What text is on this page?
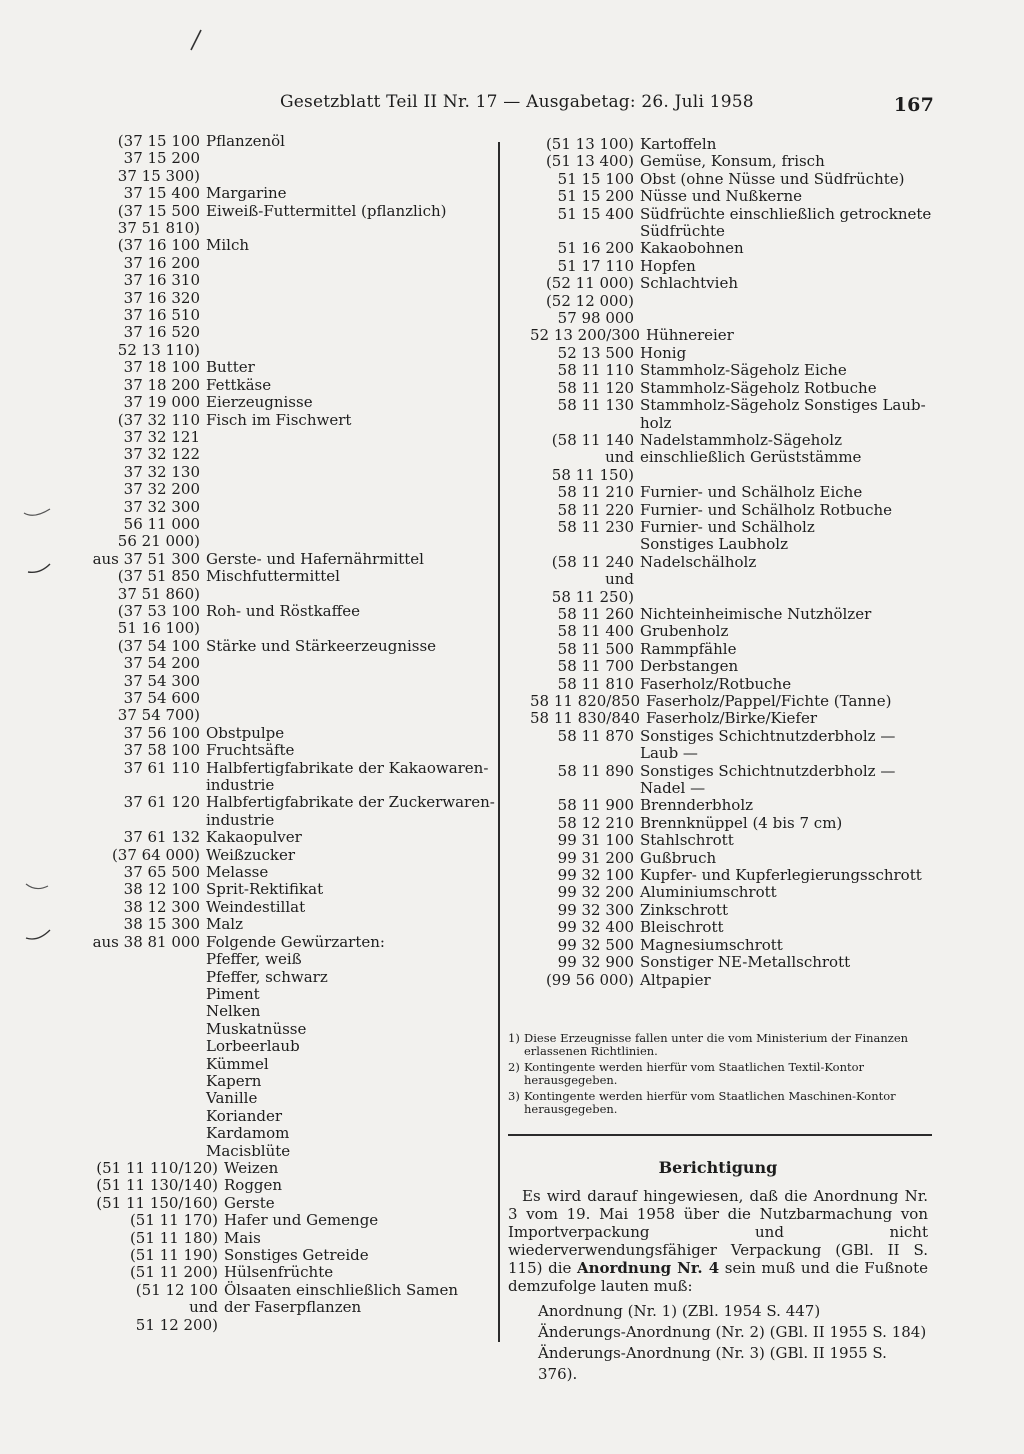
Gesetzblatt Teil II Nr. 17 — Ausgabetag: 26. Juli 1958	167
(37 15 100 Pflanzenöl
37 15 200
37 15 300)
37 15 400 Margarine
(37 15 500 Eiweiß-Futtermittel (pflanzlich)
37 51 810)
(37 16 100 Milch
37 16 200
37 16 310
37 16 320
37 16 510
37 16 520
52 13 110)
37 18 100 Butter
37 18 200 Fettkäse
37 19 000 Eierzeugnisse
(37 32 110 Fisch im Fischwert
37 32 121
37 32 122
37 32 130
37 32 200
37 32 300
56 11 000
56 21 000)
aus 37 51 300 Gerste- und Hafernährmittel
(37 51 850 Mischfuttermittel
37 51 860)
(37 53 100 Roh- und Röstkaffee
51 16 100)
(37 54 100 Stärke und Stärkeerzeugnisse
37 54 200
37 54 300
37 54 600
37 54 700)
37 56 100 Obstpulpe
37 58 100 Fruchtsäfte
37 61 110 Halbfertigfabrikate der Kakaowaren-
industrie
37 61 120 Halbfertigfabrikate der Zuckerwaren-
industrie
37 61 132 Kakaopulver
(37 64 000) Weißzucker
37 65 500 Melasse
38 12 100 Sprit-Rektifikat
38 12 300 Weindestillat
38 15 300 Malz
aus 38 81 000 Folgende Gewürzarten:
Pfeffer, weiß
Pfeffer, schwarz
Piment
Nelken
Muskatnüsse
Lorbeerlaub
Kümmel
Kapern
Vanille
Koriander
Kardamom
Macisblüte
(51 11 110/120) Weizen
(51 11 130/140) Roggen
(51 11 150/160) Gerste
(51 11 170) Hafer und Gemenge
(51 11 180) Mais
(51 11 190) Sonstiges Getreide
(51 11 200) Hülsenfrüchte
(51 12 100 Ölsaaten einschließlich Samen
und der Faserpflanzen
51 12 200)
(51 13 100) Kartoffeln
(51 13 400) Gemüse, Konsum, frisch
51 15 100 Obst (ohne Nüsse und Südfrüchte)
51 15 200 Nüsse und Nußkerne
51 15 400 Südfrüchte einschließlich getrocknete
Südfrüchte
51 16 200 Kakaobohnen
51 17 110 Hopfen
(52 11 000) Schlachtvieh
(52 12 000)
57 98 000
52 13 200/300 Hühnereier
52 13 500 Honig
58 11 110 Stammholz-Sägeholz Eiche
58 11 120 Stammholz-Sägeholz Rotbuche
58 11 130 Stammholz-Sägeholz Sonstiges Laub-
holz
(58 11 140 Nadelstammholz-Sägeholz
und einschließlich Gerüststämme
58 11 150)
58 11 210 Furnier- und Schälholz Eiche
58 11 220 Furnier- und Schälholz Rotbuche
58 11 230 Furnier- und Schälholz
Sonstiges Laubholz
(58 11 240 Nadelschälholz
und
58 11 250)
58 11 260 Nichteinheimische Nutzhölzer
58 11 400 Grubenholz
58 11 500 Rammpfähle
58 11 700 Derbstangen
58 11 810 Faserholz/Rotbuche
58 11 820/850 Faserholz/Pappel/Fichte (Tanne)
58 11 830/840 Faserholz/Birke/Kiefer
58 11 870 Sonstiges Schichtnutzderbholz —
Laub —
58 11 890 Sonstiges Schichtnutzderbholz —
Nadel —
58 11 900 Brennderbholz
58 12 210 Brennknüppel (4 bis 7 cm)
99 31 100 Stahlschrott
99 31 200 Gußbruch
99 32 100 Kupfer- und Kupferlegierungsschrott
99 32 200 Aluminiumschrott
99 32 300 Zinkschrott
99 32 400 Bleischrott
99 32 500 Magnesiumschrott
99 32 900 Sonstiger NE-Metallschrott
(99 56 000) Altpapier
1) Diese Erzeugnisse fallen unter die vom Ministerium der Finanzen erlassenen Richtlinien.
2) Kontingente werden hierfür vom Staatlichen Textil-Kontor herausgegeben.
3) Kontingente werden hierfür vom Staatlichen Maschinen-Kontor herausgegeben.
Berichtigung

Es wird darauf hingewiesen, daß die Anordnung Nr. 3 vom 19. Mai 1958 über die Nutzbarmachung von Importverpackung und nicht wiederverwendungsfähiger Verpackung (GBl. II S. 115) die Anordnung Nr. 4 sein muß und die Fußnote demzufolge lauten muß:

Anordnung (Nr. 1) (ZBl. 1954 S. 447)
Änderungs-Anordnung (Nr. 2) (GBl. II 1955 S. 184)
Änderungs-Anordnung (Nr. 3) (GBl. II 1955 S. 376).
